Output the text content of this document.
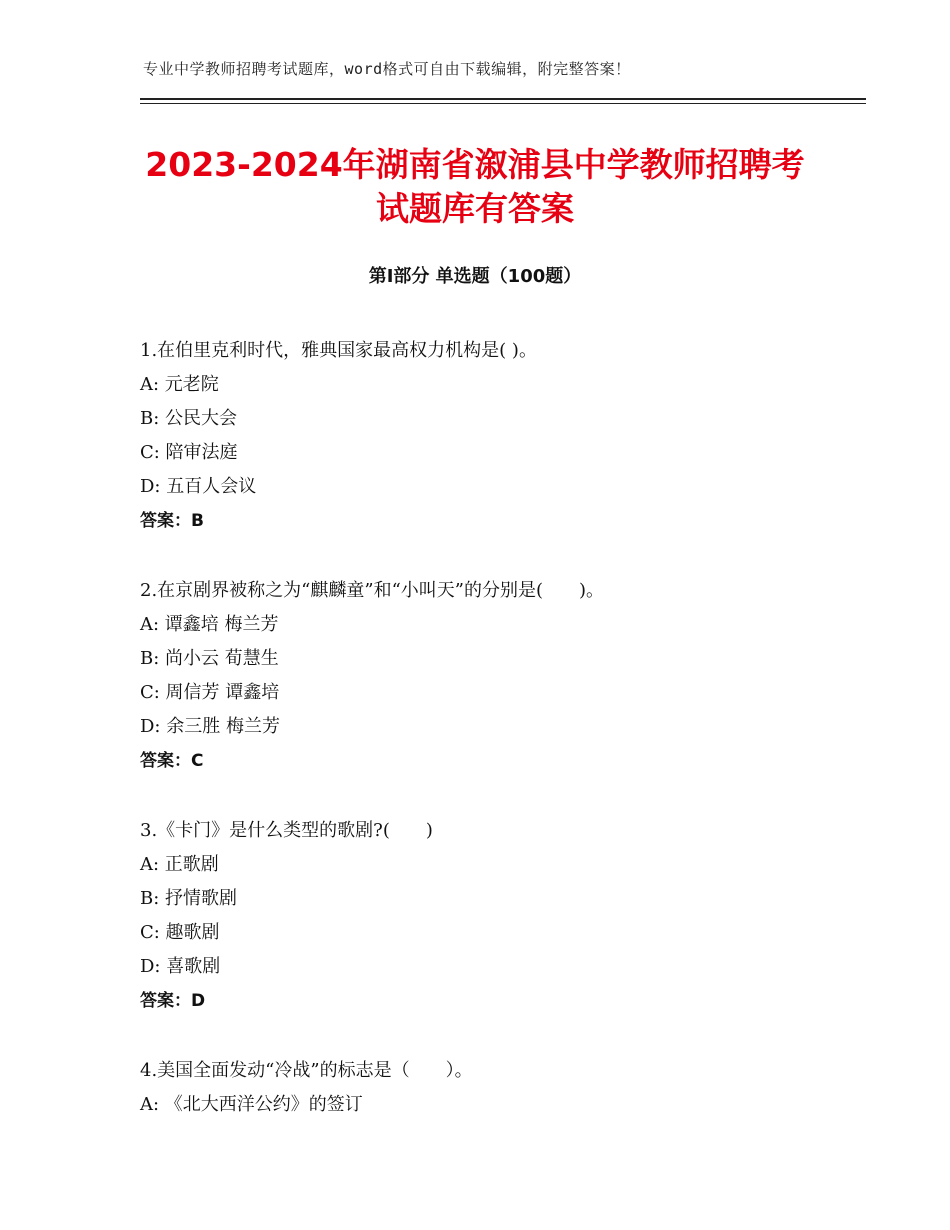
专业中学教师招聘考试题库，word格式可自由下载编辑，附完整答案！
2023-2024年湖南省溆浦县中学教师招聘考
试题库有答案
第Ⅰ部分 单选题（100题）
1.在伯里克利时代，雅典国家最高权力机构是( )。
A: 元老院
B: 公民大会
C: 陪审法庭
D: 五百人会议
答案：B
2.在京剧界被称之为“麒麟童”和“小叫天”的分别是(　　)。
A: 谭鑫培 梅兰芳
B: 尚小云 荀慧生
C: 周信芳 谭鑫培
D: 余三胜 梅兰芳
答案：C
3.《卡门》是什么类型的歌剧?(　　)
A: 正歌剧
B: 抒情歌剧
C: 趣歌剧
D: 喜歌剧
答案：D
4.美国全面发动“冷战”的标志是（　　）。
A: 《北大西洋公约》的签订
